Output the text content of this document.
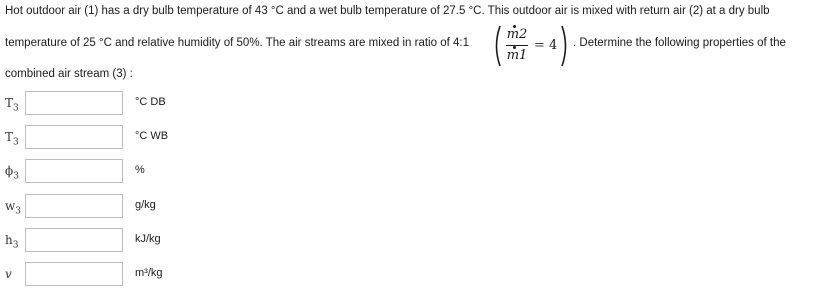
Hot outdoor air (1) has a dry bulb temperature of 43 °C and a wet bulb temperature of 27.5 °C. This outdoor air is mixed with return air (2) at a dry bulb
temperature of 25 °C and relative humidity of 50%. The air streams are mixed in ratio of 4:1
m2
m1
= 4 . Determine the following properties of the
combined air stream (3) :
$T_3$
°C DB
$T_3$
°C WB
$\phi_3$
%
$w_3$
g/kg
$h_3$
kJ/kg
v	m³/kg
